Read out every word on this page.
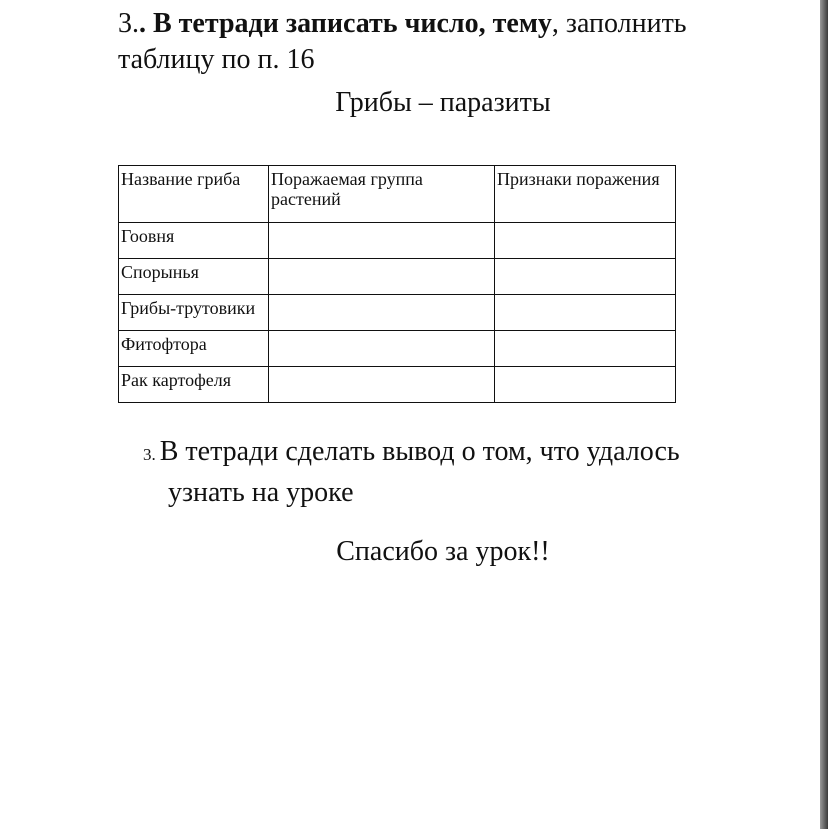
3.. В тетради записать число, тему, заполнить
таблицу по п. 16

Грибы – паразиты
Название гриба	Поражаемая группа растений	Признаки поражения
Гоовня		
Спорынья		
Грибы-трутовики		
Фитофтора		
Рак картофеля		
3. В тетради сделать вывод о том, что удалось
узнать на уроке
Спасибо за урок!!
